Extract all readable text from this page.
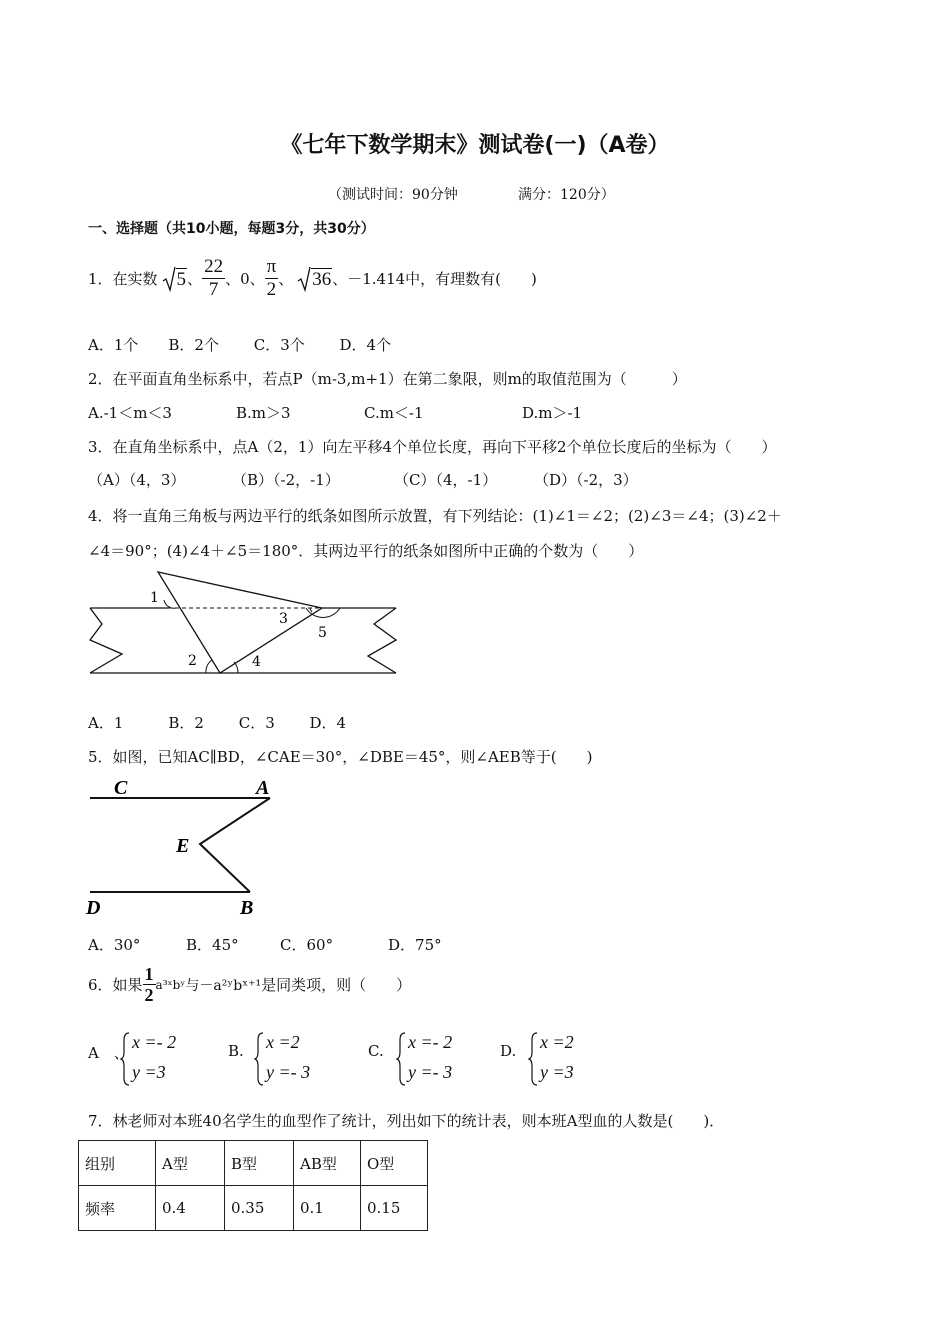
《七年下数学期末》测试卷(一)（A卷）
（测试时间：90分钟	满分：120分）
一、选择题（共10小题，每题3分，共30分）
1．在实数 5 、 $\frac{22}{7}$ 、0、 $\frac{\pi}{2}$ 、 36 、－1.414中，有理数有(　　)
A．1个　　B．2个　　 C．3个　　 D．4个
2．在平面直角坐标系中，若点P（m-3,m+1）在第二象限，则m的取值范围为（　　　）
A.-1＜m＜3	B.m＞3	C.m＜-1	D.m＞-1
3．在直角坐标系中，点A（2，1）向左平移4个单位长度，再向下平移2个单位长度后的坐标为（　　）
（A）（4，3）	（B）（-2，-1）	（C）（4，-1） （D）（-2，3）
4．将一直角三角板与两边平行的纸条如图所示放置，有下列结论：(1)∠1＝∠2；(2)∠3＝∠4；(3)∠2＋
∠4＝90°；(4)∠4＋∠5＝180°．其两边平行的纸条如图所中正确的个数为（　　）
1
2
3
4
5
A．1　　　B．2　　 C．3　　 D．4
5．如图，已知AC∥BD，∠CAE＝30°，∠DBE＝45°，则∠AEB等于(　　)
C	A
E
D	B
A．30°	B．45°	C．60°	D．75°
6．如果 $\frac{1}{2}$ a³ˣbʸ 与－a²ʸbˣ⁺¹ 是同类项，则（　　）
A　、
x =- 2
y =3
B. x =2
y =- 3
C. x =- 2
y =- 3
D. x =2
y =3
7．林老师对本班40名学生的血型作了统计，列出如下的统计表，则本班A型血的人数是(　　)．
组别	A型	B型	AB型	O型
频率	0.4	0.35	0.1	0.15
